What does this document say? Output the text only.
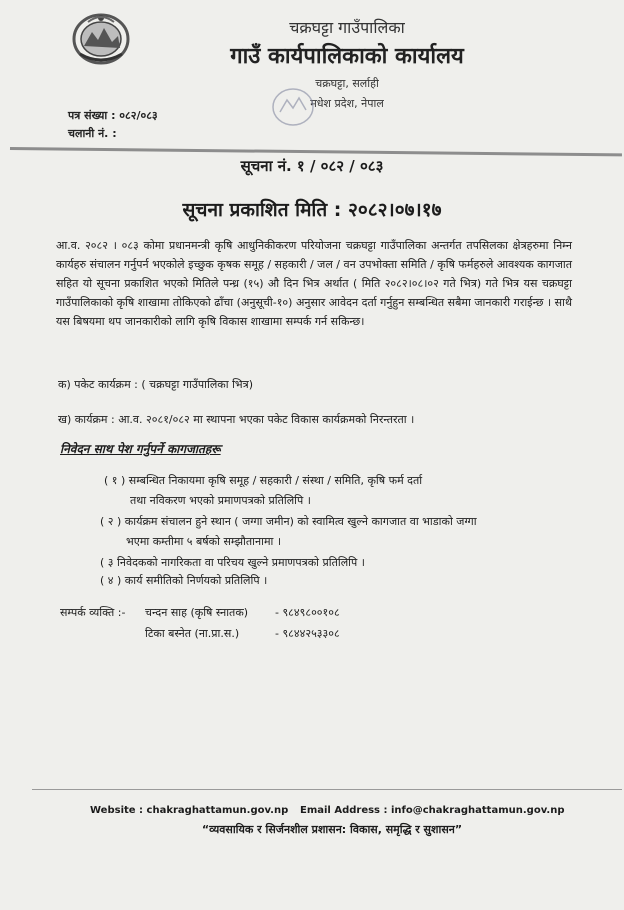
चक्रघट्टा गाउँपालिका
गाउँ कार्यपालिकाको कार्यालय
चक्रघट्टा, सर्लाही
मधेश प्रदेश, नेपाल
पत्र संख्या : ०८२/०८३
चलानी नं. :
सूचना नं. १ / ०८२ / ०८३
सूचना प्रकाशित मिति : २०८२।०७।१७
आ.व. २०८२ । ०८३ कोमा प्रधानमन्त्री कृषि आधुनिकीकरण परियोजना चक्रघट्टा गाउँपालिका अन्तर्गत तपसिलका क्षेत्रहरुमा निम्न कार्यहरु संचालन गर्नुपर्न भएकोले इच्छुक कृषक समूह / सहकारी / जल / वन उपभोक्ता समिति / कृषि फर्महरुले आवश्यक कागजात सहित यो सूचना प्रकाशित भएको मितिले पन्ध्र (१५) औ दिन भित्र अर्थात ( मिति २०८२।०८।०२ गते भित्र) गते भित्र यस चक्रघट्टा गाउँपालिकाको कृषि शाखामा तोकिएको ढाँचा (अनुसूची-१०) अनुसार आवेदन दर्ता गर्नुहुन सम्बन्धित सबैमा जानकारी गराईन्छ । साथै यस बिषयमा थप जानकारीको लागि कृषि विकास शाखामा सम्पर्क गर्न सकिन्छ।
क) पकेट कार्यक्रम : ( चक्रघट्टा गाउँपालिका भित्र)
ख) कार्यक्रम : आ.व. २०८१/०८२ मा स्थापना भएका पकेट विकास कार्यक्रमको निरन्तरता ।
निवेदन साथ पेश गर्नुपर्ने कागजातहरू
( १ ) सम्बन्धित निकायमा कृषि समूह / सहकारी / संस्था / समिति, कृषि फर्म दर्ता
तथा नविकरण भएको प्रमाणपत्रको प्रतिलिपि ।
( २ ) कार्यक्रम संचालन हुने स्थान ( जग्गा जमीन) को स्वामित्व खुल्ने कागजात वा भाडाको जग्गा
भएमा कम्तीमा ५ बर्षको सम्झौतानामा ।
( ३ निवेदकको नागरिकता वा परिचय खुल्ने प्रमाणपत्रको प्रतिलिपि ।
( ४ ) कार्य समीतिको निर्णयको प्रतिलिपि ।
सम्पर्क व्यक्ति :- चन्दन साह (कृषि स्नातक) - ९८४९८००१०८
टिका बस्नेत (ना.प्रा.स.)	- ९८४४२५३३०८
Website : chakraghattamun.gov.np Email Address : info@chakraghattamun.gov.np
“व्यवसायिक र सिर्जनशील प्रशासन: विकास, समृद्धि र सुशासन”
